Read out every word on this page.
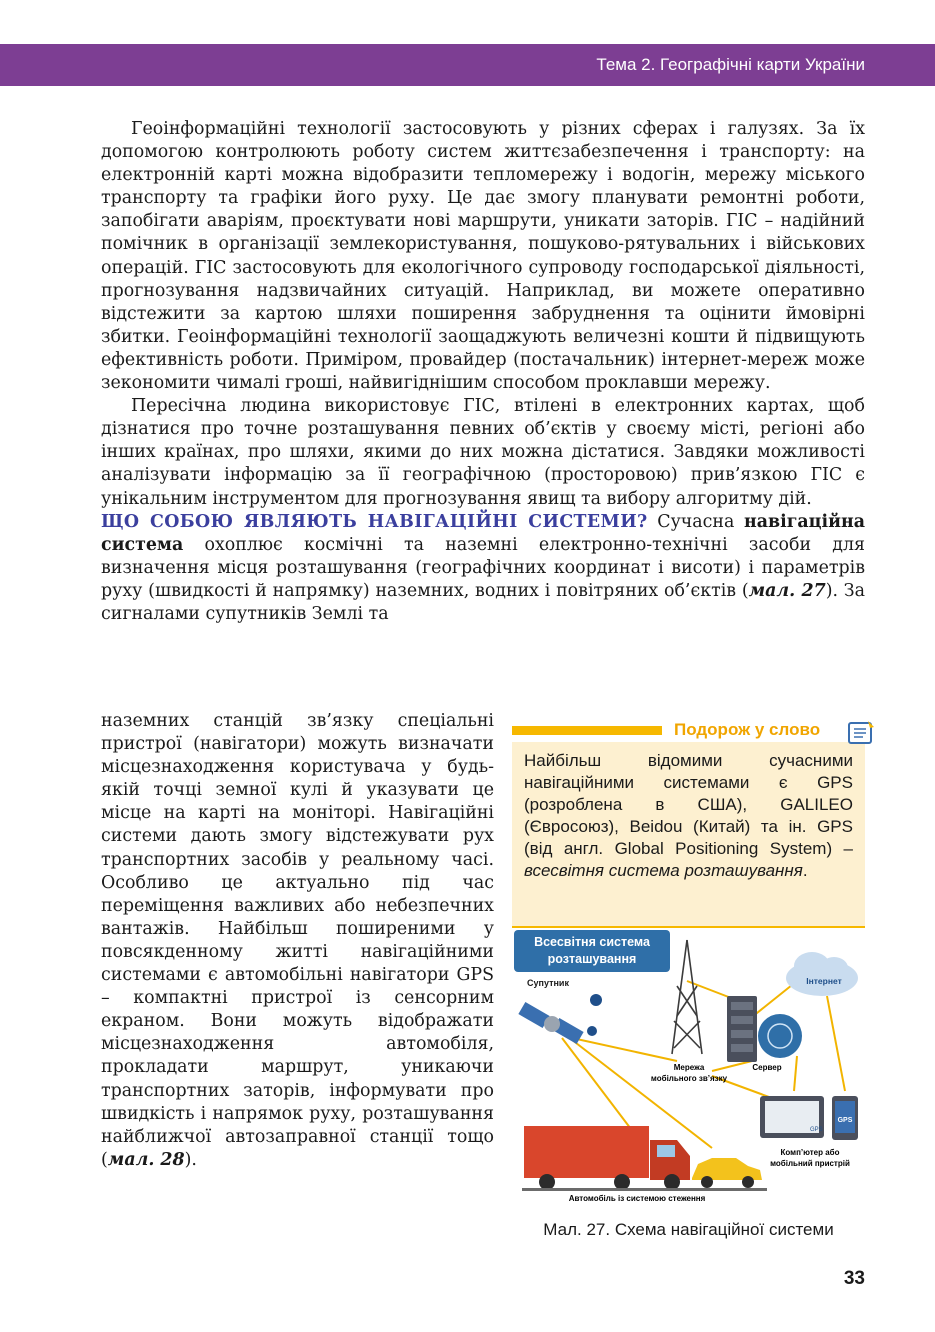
Тема 2. Географічні карти України

Геоінформаційні технології застосовують у різних сферах і галузях. За їх допомогою контролюють роботу систем життєзабезпечення і транспорту: на електронній карті можна відобразити тепломережу і водогін, мережу міського транспорту та графіки його руху. Це дає змогу планувати ремонтні роботи, запобігати аваріям, проєктувати нові маршрути, уникати заторів. ГІС – надійний помічник в організації землекористування, пошуково-рятувальних і військових операцій. ГІС застосовують для екологічного супроводу господарської діяльності, прогнозування надзвичайних ситуацій. Наприклад, ви можете оперативно відстежити за картою шляхи поширення забруднення та оцінити ймовірні збитки. Геоінформаційні технології заощаджують величезні кошти й підвищують ефективність роботи. Приміром, провайдер (постачальник) інтернет-мереж може зекономити чималі гроші, найвигіднішим способом проклавши мережу.

Пересічна людина використовує ГІС, втілені в електронних картах, щоб дізнатися про точне розташування певних об’єктів у своєму місті, регіоні або інших країнах, про шляхи, якими до них можна дістатися. Завдяки можливості аналізувати інформацію за її географічною (просторовою) прив’язкою ГІС є унікальним інструментом для прогнозування явищ та вибору алгоритму дій.

ЩО СОБОЮ ЯВЛЯЮТЬ НАВІГАЦІЙНІ СИСТЕМИ? Сучасна навігаційна система охоплює космічні та наземні електронно-технічні засоби для визначення місця розташування (географічних координат і висоти) і параметрів руху (швидкості й напрямку) наземних, водних і повітряних об’єктів (мал. 27). За сигналами супутників Землі та

наземних станцій зв’язку спеціальні пристрої (навігатори) можуть визначати місцезнаходження користувача у будь-якій точці земної кулі й указувати це місце на карті на моніторі. Навігаційні системи дають змогу відстежувати рух транспортних засобів у реальному часі. Особливо це актуально під час переміщення важливих або небезпечних вантажів. Найбільш поширеними у повсякденному житті навігаційними системами є автомобільні навігатори GPS – компактні пристрої із сенсорним екраном. Вони можуть відображати місцезнаходження автомобіля, прокладати маршрут, уникаючи транспортних заторів, інформувати про швидкість і напрямок руху, розташування найближчої автозаправної станції тощо (мал. 28).

Подорож у слово
Найбільш відомими сучасними навігаційними системами є GPS (розроблена в США), GALILEO (Євросоюз), Beidou (Китай) та ін. GPS (від англ. Global Positioning System) – всесвітня система розташування.
Всесвітня система
розташування
Супутник
Мережа
мобільного зв’язку
Сервер
Інтернет
GPS
GPS
Комп’ютер або
мобільний пристрій
Автомобіль із системою стеження
Мал. 27. Схема навігаційної системи
33
